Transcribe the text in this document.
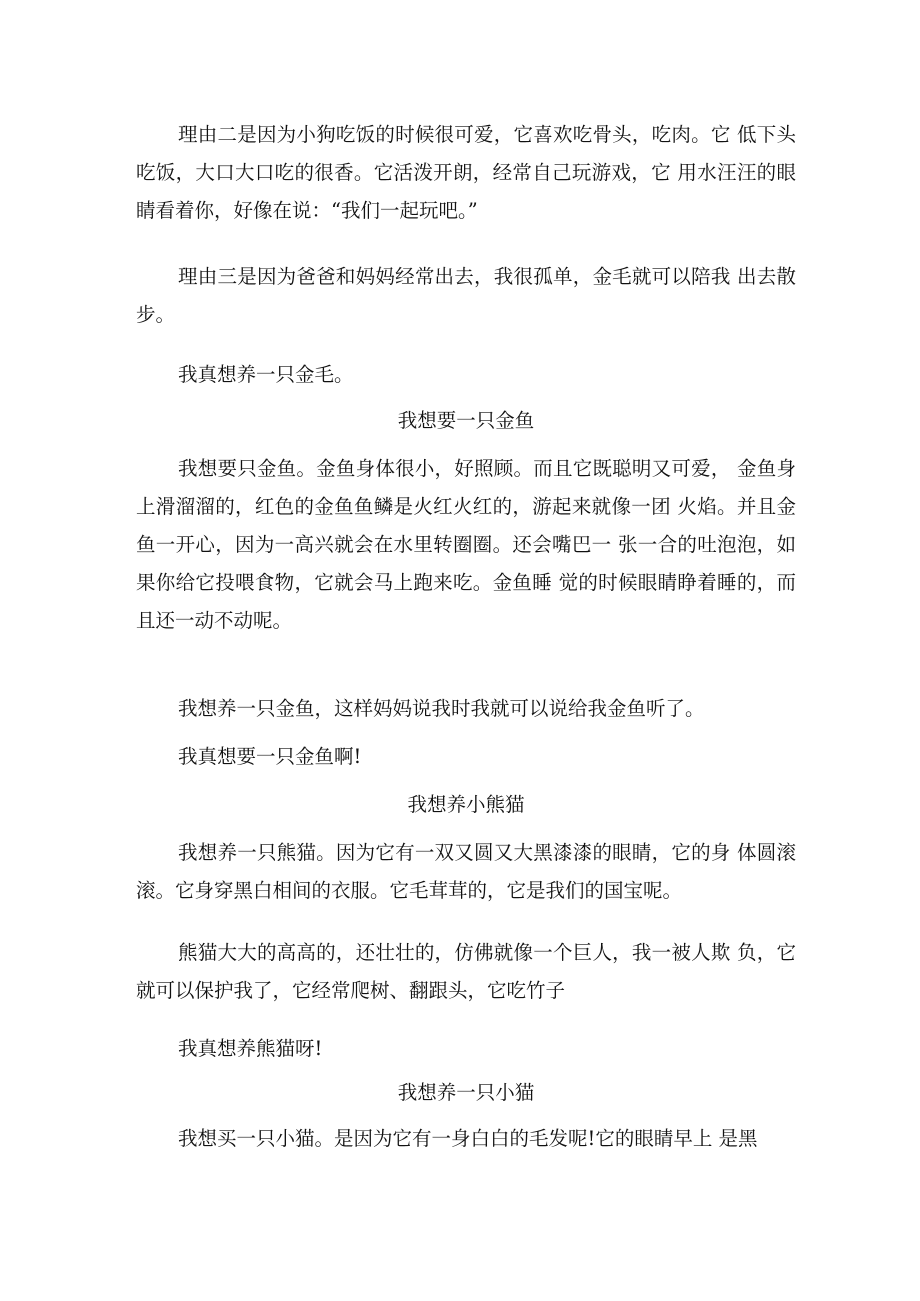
理由二是因为小狗吃饭的时候很可爱，它喜欢吃骨头，吃肉。它 低下头吃饭，大口大口吃的很香。它活泼开朗，经常自己玩游戏，它 用水汪汪的眼睛看着你，好像在说：“我们一起玩吧。”

理由三是因为爸爸和妈妈经常出去，我很孤单，金毛就可以陪我 出去散步。

我真想养一只金毛。

我想要一只金鱼

我想要只金鱼。金鱼身体很小，好照顾。而且它既聪明又可爱， 金鱼身上滑溜溜的，红色的金鱼鱼鳞是火红火红的，游起来就像一团 火焰。并且金鱼一开心，因为一高兴就会在水里转圈圈。还会嘴巴一 张一合的吐泡泡，如果你给它投喂食物，它就会马上跑来吃。金鱼睡 觉的时候眼睛睁着睡的，而且还一动不动呢。

我想养一只金鱼，这样妈妈说我时我就可以说给我金鱼听了。

我真想要一只金鱼啊!

我想养小熊猫

我想养一只熊猫。因为它有一双又圆又大黑漆漆的眼睛，它的身 体圆滚滚。它身穿黑白相间的衣服。它毛茸茸的，它是我们的国宝呢。

熊猫大大的高高的，还壮壮的，仿佛就像一个巨人，我一被人欺 负，它就可以保护我了，它经常爬树、翻跟头，它吃竹子

我真想养熊猫呀!

我想养一只小猫

我想买一只小猫。是因为它有一身白白的毛发呢!它的眼睛早上 是黑
